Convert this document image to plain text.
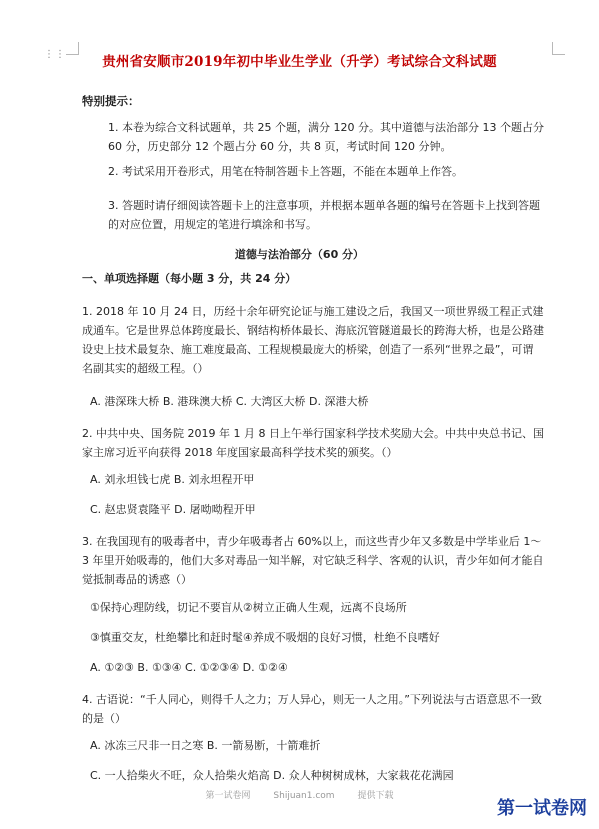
⋮⋮	贵州省安顺市2019年初中毕业生学业（升学）考试综合文科试题
特别提示：
1. 本卷为综合文科试题单，共 25 个题，满分 120 分。其中道德与法治部分 13 个题占分 60 分，历史部分 12 个题占分 60 分，共 8 页，考试时间 120 分钟。
2. 考试采用开卷形式，用笔在特制答题卡上答题，不能在本题单上作答。
3. 答题时请仔细阅读答题卡上的注意事项，并根据本题单各题的编号在答题卡上找到答题的对应位置，用规定的笔进行填涂和书写。
道德与法治部分（60 分）
一、单项选择题（每小题 3 分，共 24 分）
1. 2018 年 10 月 24 日，历经十余年研究论证与施工建设之后，我国又一项世界级工程正式建成通车。它是世界总体跨度最长、钢结构桥体最长、海底沉管隧道最长的跨海大桥，也是公路建设史上技术最复杂、施工难度最高、工程规模最庞大的桥梁，创造了一系列“世界之最”，可谓名副其实的超级工程。（）
A. 港深珠大桥 B. 港珠澳大桥 C. 大湾区大桥 D. 深港大桥
2. 中共中央、国务院 2019 年 1 月 8 日上午举行国家科学技术奖励大会。中共中央总书记、国家主席习近平向获得 2018 年度国家最高科学技术奖的颁奖。（）
A. 刘永坦钱七虎 B. 刘永坦程开甲
C. 赵忠贤袁隆平 D. 屠呦呦程开甲
3. 在我国现有的吸毒者中，青少年吸毒者占 60%以上，而这些青少年又多数是中学毕业后 1～3 年里开始吸毒的，他们大多对毒品一知半解，对它缺乏科学、客观的认识，青少年如何才能自觉抵制毒品的诱惑（）
①保持心理防线，切记不要盲从②树立正确人生观，远离不良场所
③慎重交友，杜绝攀比和赶时髦④养成不吸烟的良好习惯，杜绝不良嗜好
A. ①②③ B. ①③④ C. ①②③④ D. ①②④
4. 古语说：“千人同心，则得千人之力；万人异心，则无一人之用。”下列说法与古语意思不一致的是（）
A. 冰冻三尺非一日之寒 B. 一箭易断，十箭难折
C. 一人拾柴火不旺，众人拾柴火焰高 D. 众人种树树成林，大家栽花花满园
第一试卷网	Shijuan1.com	提供下载
第一试卷网
